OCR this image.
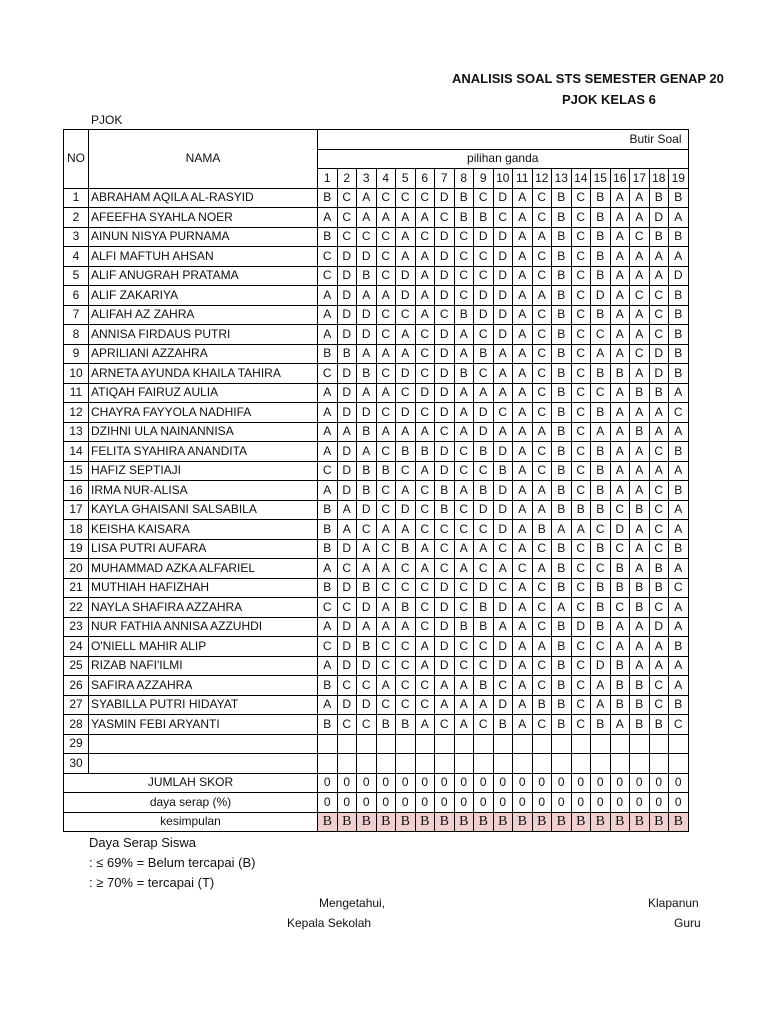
ANALISIS SOAL STS SEMESTER GENAP 20
PJOK KELAS 6
PJOK
NO	NAMA	Butir Soal																		
		pilihan ganda																		
		1	2	3	4	5	6	7	8	9	10	11	12	13	14	15	16	17	18	19
1	ABRAHAM AQILA AL-RASYID	B	C	A	C	C	C	D	B	C	D	A	C	B	C	B	A	A	B	B
2	AFEEFHA SYAHLA NOER	A	C	A	A	A	A	C	B	B	C	A	C	B	C	B	A	A	D	A
3	AINUN NISYA PURNAMA	B	C	C	C	A	C	D	C	D	D	A	A	B	C	B	A	C	B	B
4	ALFI MAFTUH AHSAN	C	D	D	C	A	A	D	C	C	D	A	C	B	C	B	A	A	A	A
5	ALIF ANUGRAH PRATAMA	C	D	B	C	D	A	D	C	C	D	A	C	B	C	B	A	A	A	D
6	ALIF ZAKARIYA	A	D	A	A	D	A	D	C	D	D	A	A	B	C	D	A	C	C	B
7	ALIFAH AZ ZAHRA	A	D	D	C	C	A	C	B	D	D	A	C	B	C	B	A	A	C	B
8	ANNISA FIRDAUS PUTRI	A	D	D	C	A	C	D	A	C	D	A	C	B	C	C	A	A	C	B
9	APRILIANI AZZAHRA	B	B	A	A	A	C	D	A	B	A	A	C	B	C	A	A	C	D	B
10	ARNETA AYUNDA KHAILA TAHIRA	C	D	B	C	D	C	D	B	C	A	A	C	B	C	B	B	A	D	B
11	ATIQAH FAIRUZ AULIA	A	D	A	A	C	D	D	A	A	A	A	C	B	C	C	A	B	B	A
12	CHAYRA FAYYOLA NADHIFA	A	D	D	C	D	C	D	A	D	C	A	C	B	C	B	A	A	A	C
13	DZIHNI ULA NAINANNISA	A	A	B	A	A	A	C	A	D	A	A	A	B	C	A	A	B	A	A
14	FELITA SYAHIRA ANANDITA	A	D	A	C	B	B	D	C	B	D	A	C	B	C	B	A	A	C	B
15	HAFIZ SEPTIAJI	C	D	B	B	C	A	D	C	C	B	A	C	B	C	B	A	A	A	A
16	IRMA NUR-ALISA	A	D	B	C	A	C	B	A	B	D	A	A	B	C	B	A	A	C	B
17	KAYLA GHAISANI SALSABILA	B	A	D	C	D	C	B	C	D	D	A	A	B	B	B	C	B	C	A
18	KEISHA KAISARA	B	A	C	A	A	C	C	C	C	D	A	B	A	A	C	D	A	C	A
19	LISA PUTRI AUFARA	B	D	A	C	B	A	C	A	A	C	A	C	B	C	B	C	A	C	B
20	MUHAMMAD AZKA ALFARIEL	A	C	A	A	C	A	C	A	C	A	C	A	B	C	C	B	A	B	A
21	MUTHIAH HAFIZHAH	B	D	B	C	C	C	D	C	D	C	A	C	B	C	B	B	B	B	C
22	NAYLA SHAFIRA AZZAHRA	C	C	D	A	B	C	D	C	B	D	A	C	A	C	B	C	B	C	A
23	NUR FATHIA ANNISA AZZUHDI	A	D	A	A	A	C	D	B	B	A	A	C	B	D	B	A	A	D	A
24	O'NIELL MAHIR ALIP	C	D	B	C	C	A	D	C	C	D	A	A	B	C	C	A	A	A	B
25	RIZAB NAFI'ILMI	A	D	D	C	C	A	D	C	C	D	A	C	B	C	D	B	A	A	A
26	SAFIRA AZZAHRA	B	C	C	A	C	C	A	A	B	C	A	C	B	C	A	B	B	C	A
27	SYABILLA PUTRI HIDAYAT	A	D	D	C	C	C	A	A	A	D	A	B	B	C	A	B	B	C	B
28	YASMIN FEBI ARYANTI	B	C	C	B	B	A	C	A	C	B	A	C	B	C	B	A	B	B	C
29																				
30																				
JUMLAH SKOR		0	0	0	0	0	0	0	0	0	0	0	0	0	0	0	0	0	0	0
daya serap (%)		0	0	0	0	0	0	0	0	0	0	0	0	0	0	0	0	0	0	0
kesimpulan		B	B	B	B	B	B	B	B	B	B	B	B	B	B	B	B	B	B	B
Daya Serap Siswa
: ≤ 69% = Belum tercapai (B)
: ≥ 70% = tercapai (T)
Mengetahui,
Kepala Sekolah
Klapanun
Guru
